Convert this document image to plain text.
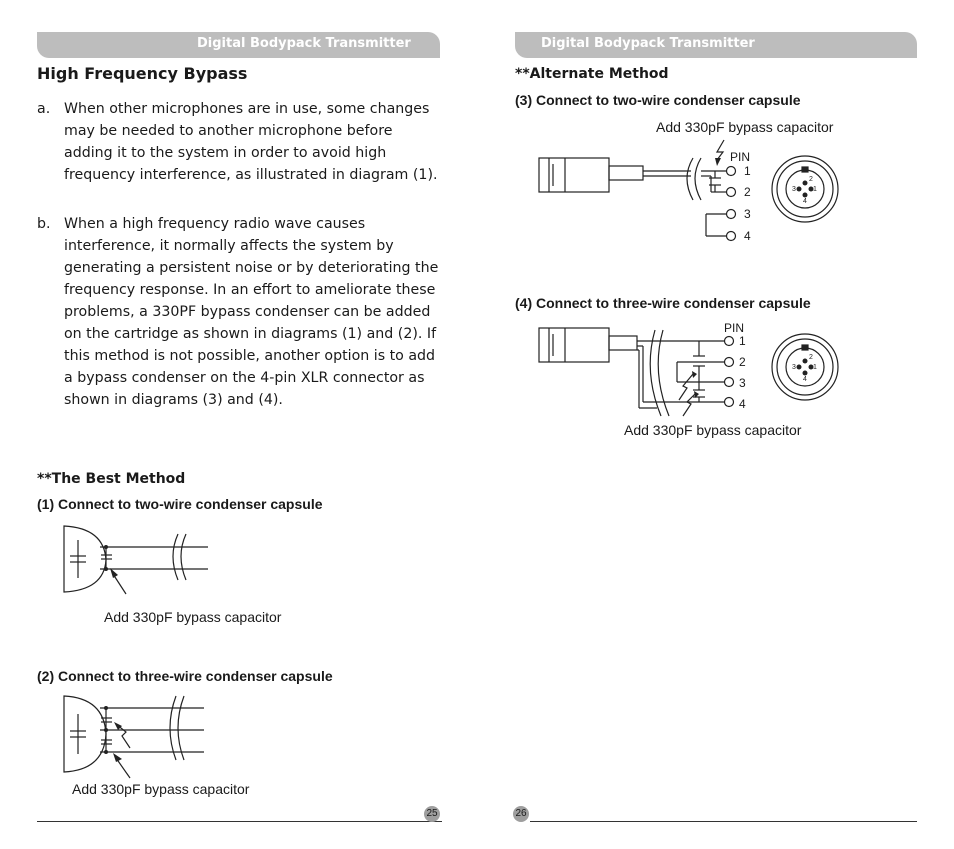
Digital Bodypack Transmitter	Digital Bodypack Transmitter
High Frequency Bypass
a. When other microphones are in use, some changes may be needed to another microphone before adding it to the system in order to avoid high frequency interference, as illustrated in diagram (1).
b. When a high frequency radio wave causes interference, it normally affects the system by generating a persistent noise or by deteriorating the frequency response. In an effort to ameliorate these problems, a 330PF bypass condenser can be added on the cartridge as shown in diagrams (1) and (2). If this method is not possible, another option is to add a bypass condenser on the 4-pin XLR connector as shown in diagrams (3) and (4).
**The Best Method
(1) Connect to two-wire condenser capsule
Add 330pF bypass capacitor
(2) Connect to three-wire condenser capsule
Add 330pF bypass capacitor
25
**Alternate Method
(3) Connect to two-wire condenser capsule
Add 330pF bypass capacitor
PIN
1
2
3
4
2
3 1
4
(4) Connect to three-wire condenser capsule
PIN
1
2
3
4
2
3 1
4
Add 330pF bypass capacitor
26
